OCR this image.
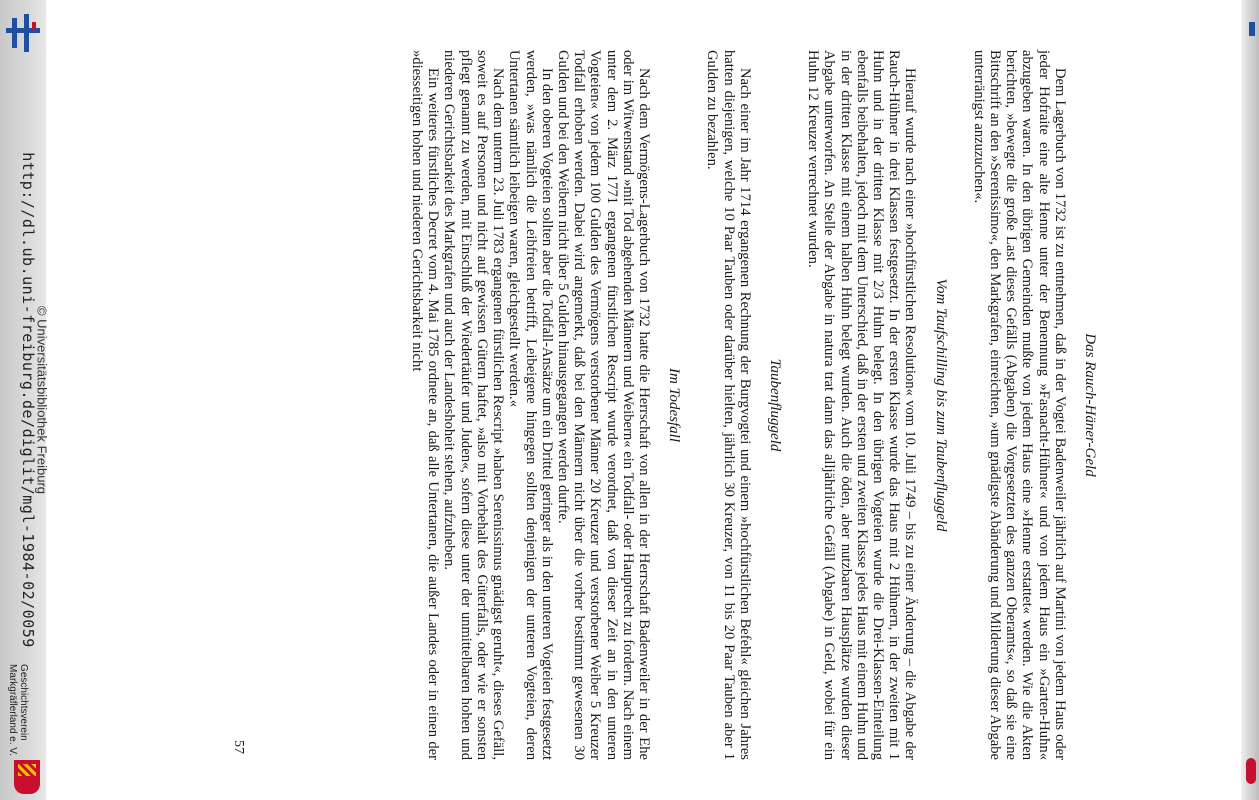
http://dl.ub.uni-freiburg.de/diglit/mgl-1984-02/0059
© Universitätsbibliothek Freiburg
Geschichtsverein
Markgräflerland e. V.
Das Rauch-Häner-Geld

Dem Lagerbuch von 1732 ist zu entnehmen, daß in der Vogtei Badenweiler jährlich auf Martini von jedem Haus oder jeder Hofraite eine alte Henne unter der Benennung »Fasnacht-Hühner« und von jedem Haus ein »Garten-Huhn« abzugeben waren. In den übrigen Gemeinden mußte von jedem Haus eine »Henne erstattet« werden. Wie die Akten berichten, »bewegte die große Last dieses Gefälls (Abgaben) die Vorgesetzten des ganzen Oberamts«, so daß sie eine Bittschrift an den »Serenissimo«, den Markgrafen, einreichten, »um gnädigste Abänderung und Milderung dieser Abgabe unterränigst anzuzuchen«.

Vom Taufschilling bis zum Taubenfluggeld

Hierauf wurde nach einer »hochfürstlichen Resolution« vom 10. Juli 1749 – bis zu einer Änderung – die Abgabe der Rauch-Hühner in drei Klassen festgesetzt. In der ersten Klasse wurde das Haus mit 2 Hühnern, in der zweiten mit 1 Huhn und in der dritten Klasse mit 2/3 Huhn belegt. In den übrigen Vogteien wurde die Drei-Klassen-Einteilung ebenfalls beibehalten, jedoch mit dem Unterschied, daß in der ersten und zweiten Klasse jedes Haus mit einem Huhn und in der dritten Klasse mit einem halben Huhn belegt wurden. Auch die öden, aber nutzbaren Hausplätze wurden dieser Abgabe unterworfen. An Stelle der Abgabe in natura trat dann das alljährliche Gefäll (Abgabe) in Geld, wobei für ein Huhn 12 Kreuzer verrechnet wurden.

Taubenfluggeld

Nach einer im Jahr 1714 ergangenen Rechnung der Burgvogtei und einem »hochfürstlichen Befehl« gleichen Jahres hatten diejenigen, welche 10 Paar Tauben oder darüber hielten, jährlich 30 Kreuzer, von 11 bis 20 Paar Tauben aber 1 Gulden zu bezahlen.

Im Todesfall

Nach dem Vermögens-Lagerbuch von 1732 hatte die Herrschaft von allen in der Herrschaft Badenweiler in der Ehe oder im Witwenstand »mit Tod abgehenden Männern und Weibern« ein Todfall- oder Hauptrecht zu fordern. Nach einem unter dem 2. März 1771 ergangenen fürstlichen Rescript wurde verordnet, daß von dieser Zeit an in den unteren Vogteien« von jedem 100 Gulden des Vermögens verstorbener Männer 20 Kreuzer und verstorbener Weiber 5 Kreuzer Todfall erhoben werden. Dabei wird angemerkt, daß bei den Männern nicht über die vorher bestimmt gewesenen 30 Gulden und bei den Weibern nicht über 5 Gulden hinausgegangen werden durfte.

In den oberen Vogteien sollten aber die Todfall-Ansätze um ein Drittel geringer als in den unteren Vogteien festgesetzt werden, »was nämlich die Leibfreien betrifft, Leibeigene hingegen sollten denjenigen der unteren Vogteien, deren Untertanen sämtlich leibeigen waren, gleichgestellt werden.«

Nach dem unterm 23. Juli 1783 ergangenen fürstlichen Rescript »haben Serenissimus gnädigst geruht«, dieses Gefäll, soweit es auf Personen und nicht auf gewissen Gütern haftet, »also mit Vorbehalt des Güterfalls, oder wie er sonsten pflegt genannt zu werden, mit Einschluß der Wiedertäufer und Juden«, sofern diese unter der unmittelbaren hohen und niederen Gerichtsbarkeit des Markgrafen und auch der Landeshoheit stehen, aufzuheben.

Ein weiteres fürstliches Decret vom 4. Mai 1785 ordnete an, daß alle Untertanen, die außer Landes oder in einen der »diesseitigen hohen und niederen Gerichtsbarkeit nicht

57
